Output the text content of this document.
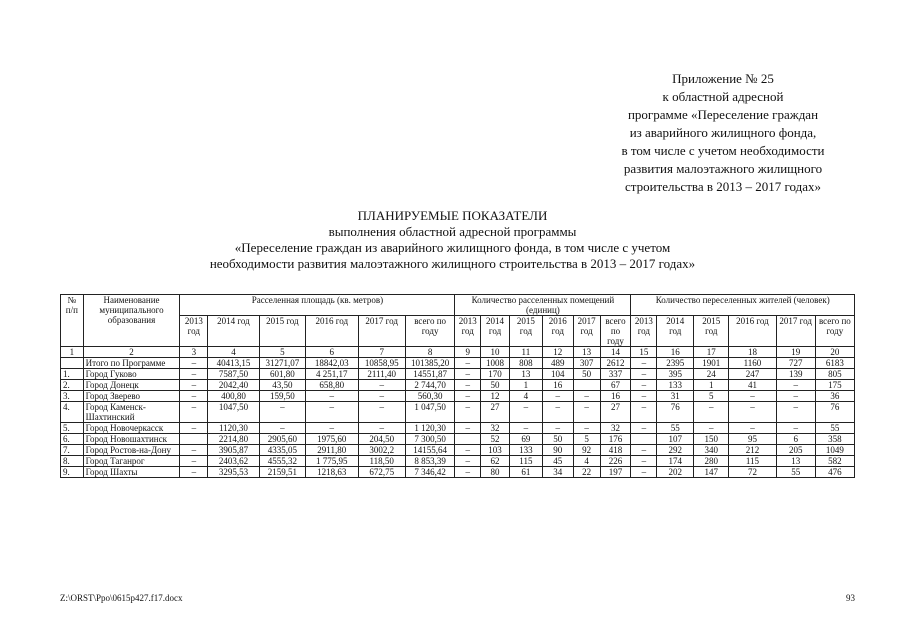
Приложение № 25
к областной адресной
программе «Переселение граждан
из аварийного жилищного фонда,
в том числе с учетом необходимости
развития малоэтажного жилищного
строительства в 2013 – 2017 годах»
ПЛАНИРУЕМЫЕ ПОКАЗАТЕЛИ
выполнения областной адресной программы
«Переселение граждан из аварийного жилищного фонда, в том числе с учетом
необходимости развития малоэтажного жилищного строительства в 2013 – 2017 годах»
№ п/п	Наименование муниципального образования	Расселенная площадь (кв. метров)						Количество расселенных помещений (единиц)						Количество переселенных жителей (человек)					
		2013 год	2014 год	2015 год	2016 год	2017 год	всего по году	2013 год	2014 год	2015 год	2016 год	2017 год	всего по году	2013 год	2014 год	2015 год	2016 год	2017 год	всего по году
1	2	3	4	5	6	7	8	9	10	11	12	13	14	15	16	17	18	19	20
	Итого по Программе	–	40413,15	31271,07	18842,03	10858,95	101385,20	–	1008	808	489	307	2612	–	2395	1901	1160	727	6183
1.	Город Гуково	–	7587,50	601,80	4 251,17	2111,40	14551,87	–	170	13	104	50	337	–	395	24	247	139	805
2.	Город Донецк	–	2042,40	43,50	658,80	–	2 744,70	–	50	1	16		67	–	133	1	41	–	175
3.	Город Зверево	–	400,80	159,50	–	–	560,30	–	12	4	–	–	16	–	31	5	–	–	36
4.	Город Каменск-Шахтинский	–	1047,50	–	–	–	1 047,50	–	27	–	–	–	27	–	76	–	–	–	76
5.	Город Новочеркасск	–	1120,30	–	–	–	1 120,30	–	32	–	–	–	32	–	55	–	–	–	55
6.	Город Новошахтинск		2214,80	2905,60	1975,60	204,50	7 300,50		52	69	50	5	176		107	150	95	6	358
7.	Город Ростов-на-Дону	–	3905,87	4335,05	2911,80	3002,2	14155,64	–	103	133	90	92	418	–	292	340	212	205	1049
8.	Город Таганрог	–	2403,62	4555,32	1 775,95	118,50	8 853,39	–	62	115	45	4	226	–	174	280	115	13	582
9.	Город Шахты	–	3295,53	2159,51	1218,63	672,75	7 346,42	–	80	61	34	22	197	–	202	147	72	55	476
Z:\ORST\Ppo\0615p427.f17.docx	93
